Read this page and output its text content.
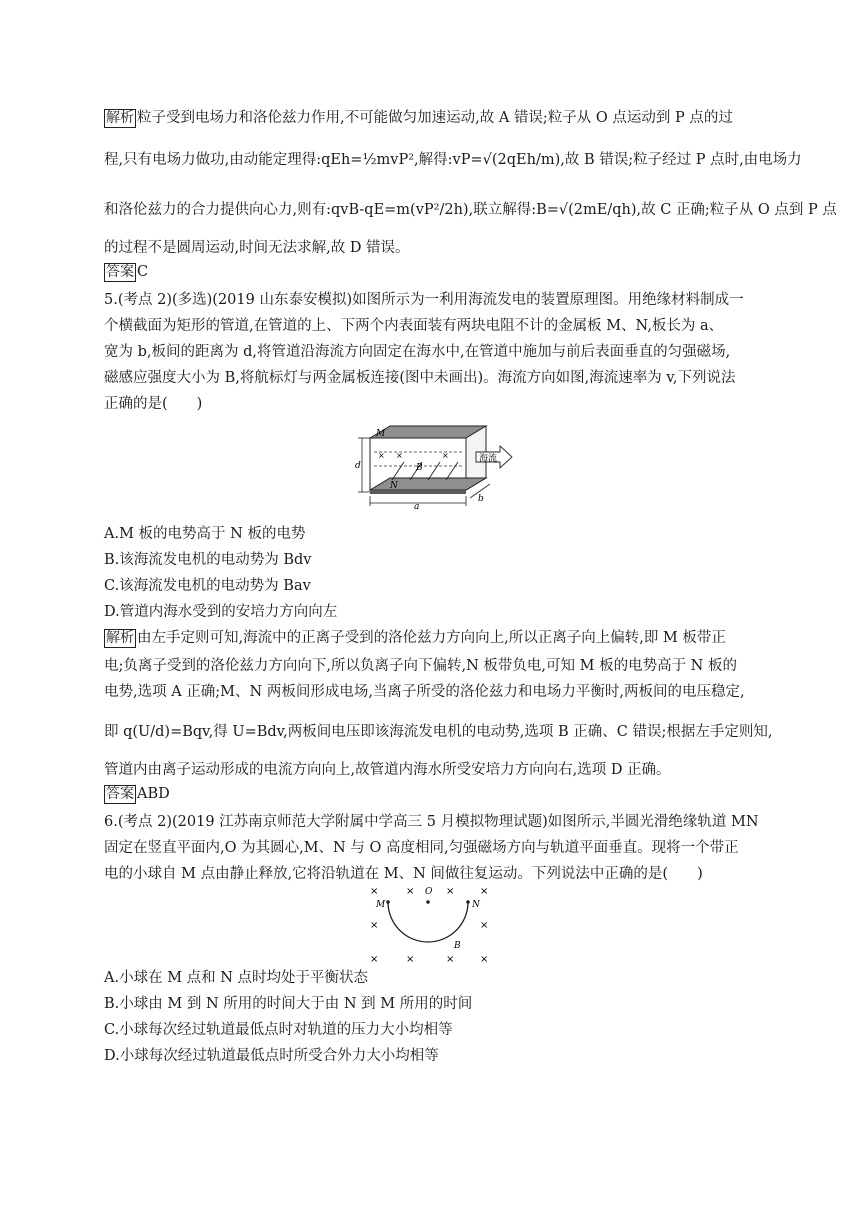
解析 粒子受到电场力和洛伦兹力作用,不可能做匀加速运动,故 A 错误;粒子从 O 点运动到 P 点的过
程,只有电场力做功,由动能定理得:qEh=½mvP²,解得:vP=√(2qEh/m),故 B 错误;粒子经过 P 点时,由电场力
和洛伦兹力的合力提供向心力,则有:qvB-qE=m(vP²/2h),联立解得:B=√(2mE/qh),故 C 正确;粒子从 O 点到 P 点
的过程不是圆周运动,时间无法求解,故 D 错误。
答案 C
5.(考点 2)(多选)(2019 山东泰安模拟)如图所示为一利用海流发电的装置原理图。用绝缘材料制成一
个横截面为矩形的管道,在管道的上、下两个内表面装有两块电阻不计的金属板 M、N,板长为 a、
宽为 b,板间的距离为 d,将管道沿海流方向固定在海水中,在管道中施加与前后表面垂直的匀强磁场,
磁感应强度大小为 B,将航标灯与两金属板连接(图中未画出)。海流方向如图,海流速率为 v,下列说法
正确的是(　　)
× ×	×
M
N
B
d
a
b
海流
A.M 板的电势高于 N 板的电势
B.该海流发电机的电动势为 Bdv
C.该海流发电机的电动势为 Bav
D.管道内海水受到的安培力方向向左
解析 由左手定则可知,海流中的正离子受到的洛伦兹力方向向上,所以正离子向上偏转,即 M 板带正
电;负离子受到的洛伦兹力方向向下,所以负离子向下偏转,N 板带负电,可知 M 板的电势高于 N 板的
电势,选项 A 正确;M、N 两板间形成电场,当离子所受的洛伦兹力和电场力平衡时,两板间的电压稳定,
即 q(U/d)=Bqv,得 U=Bdv,两板间电压即该海流发电机的电动势,选项 B 正确、C 错误;根据左手定则知,
管道内由离子运动形成的电流方向向上,故管道内海水所受安培力方向向右,选项 D 正确。
答案 ABD
6.(考点 2)(2019 江苏南京师范大学附属中学高三 5 月模拟物理试题)如图所示,半圆光滑绝缘轨道 MN
固定在竖直平面内,O 为其圆心,M、N 与 O 高度相同,匀强磁场方向与轨道平面垂直。现将一个带正
电的小球自 M 点由静止释放,它将沿轨道在 M、N 间做往复运动。下列说法中正确的是(　　)
×	×	×	×
×	×
×	×	×	×
M
O
N
B
A.小球在 M 点和 N 点时均处于平衡状态
B.小球由 M 到 N 所用的时间大于由 N 到 M 所用的时间
C.小球每次经过轨道最低点时对轨道的压力大小均相等
D.小球每次经过轨道最低点时所受合外力大小均相等
